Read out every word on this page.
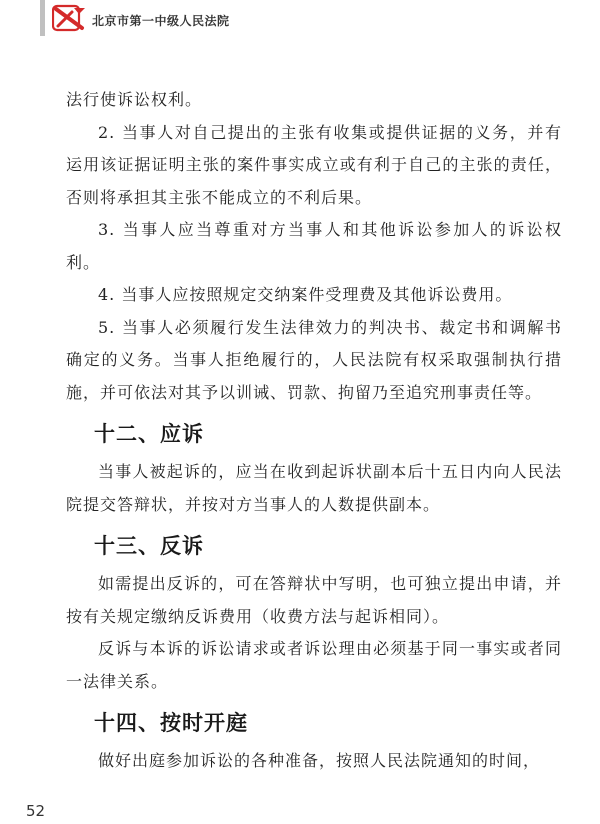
北京市第一中级人民法院

法行使诉讼权利。

2. 当事人对自己提出的主张有收集或提供证据的义务，并有运用该证据证明主张的案件事实成立或有利于自己的主张的责任，否则将承担其主张不能成立的不利后果。

3. 当事人应当尊重对方当事人和其他诉讼参加人的诉讼权利。

4. 当事人应按照规定交纳案件受理费及其他诉讼费用。

5. 当事人必须履行发生法律效力的判决书、裁定书和调解书确定的义务。当事人拒绝履行的，人民法院有权采取强制执行措施，并可依法对其予以训诫、罚款、拘留乃至追究刑事责任等。

十二、应诉

当事人被起诉的，应当在收到起诉状副本后十五日内向人民法院提交答辩状，并按对方当事人的人数提供副本。

十三、反诉

如需提出反诉的，可在答辩状中写明，也可独立提出申请，并按有关规定缴纳反诉费用（收费方法与起诉相同）。

反诉与本诉的诉讼请求或者诉讼理由必须基于同一事实或者同一法律关系。

十四、按时开庭

做好出庭参加诉讼的各种准备，按照人民法院通知的时间，

52
